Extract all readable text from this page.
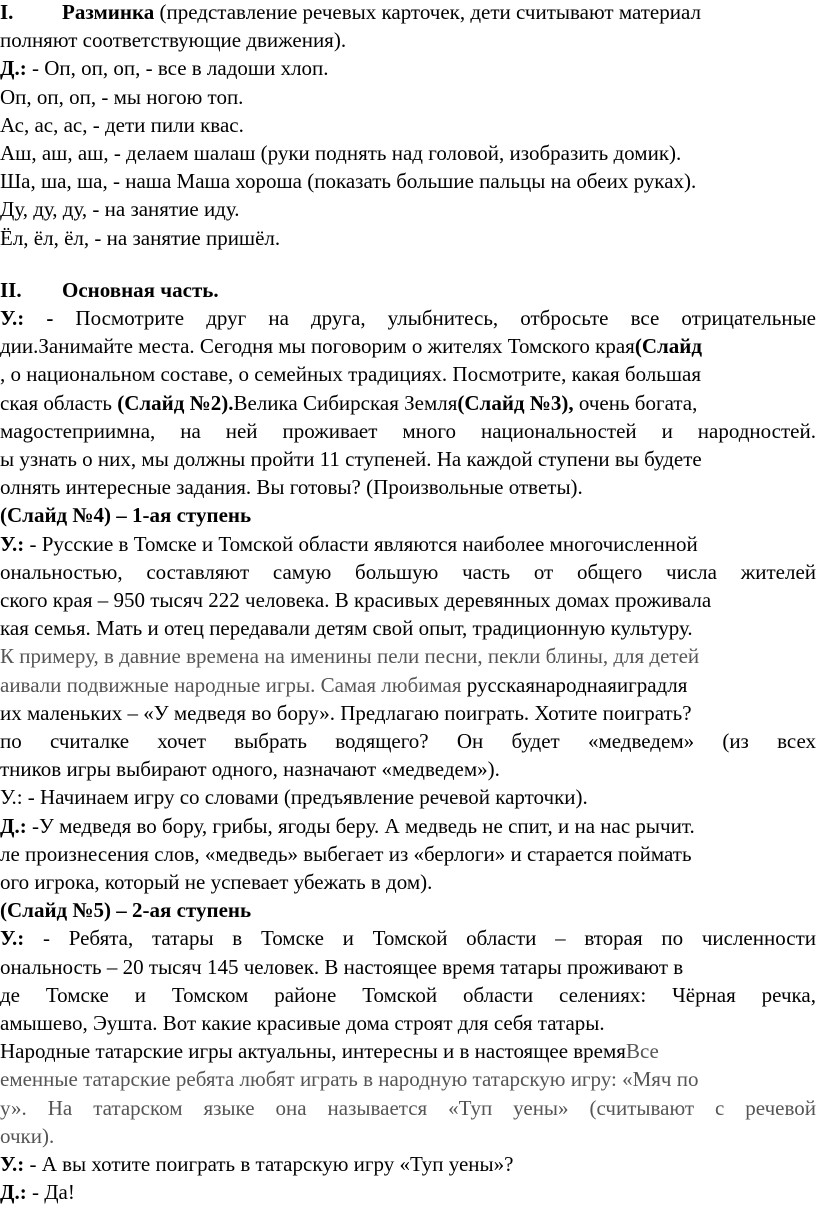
I. Разминка (представление речевых карточек, дети считывают материал
полняют соответствующие движения).
Д.: - Оп, оп, оп, - все в ладоши хлоп.
Оп, оп, оп, - мы ногою топ.
Ас, ас, ас, - дети пили квас.
Аш, аш, аш, - делаем шалаш (руки поднять над головой, изобразить домик).
Ша, ша, ша, - наша Маша хороша (показать большие пальцы на обеих руках).
Ду, ду, ду, - на занятие иду.
Ёл, ёл, ёл, - на занятие пришёл.
II. Основная часть.
У.: - Посмотрите друг на друга, улыбнитесь, отбросьте все отрицательные
дии.Занимайте места. Сегодня мы поговорим о жителях Томского края(Слайд
, о национальном составе, о семейных традициях. Посмотрите, какая большая
ская область (Слайд №2).Велика Сибирская Земля(Слайд №3), очень богата,
мagостеприимна, на ней проживает много национальностей и народностей.
ы узнать о них, мы должны пройти 11 ступеней. На каждой ступени вы будете
олнять интересные задания. Вы готовы? (Произвольные ответы).
(Слайд №4) – 1-ая ступень
У.: - Русские в Томске и Томской области являются наиболее многочисленной
ональностью, составляют самую большую часть от общего числа жителей
ского края – 950 тысяч 222 человека. В красивых деревянных домах проживала
кая семья. Мать и отец передавали детям свой опыт, традиционную культуру.
К примеру, в давние времена на именины пели песни, пекли блины, для детей
аивали подвижные народные игры. Самая любимая русскаянароднаяиградля
их маленьких – «У медведя во бору». Предлагаю поиграть. Хотите поиграть?
по считалке хочет выбрать водящего? Он будет «медведем» (из всех
тников игры выбирают одного, назначают «медведем»).
У.: - Начинаем игру со словами (предъявление речевой карточки).
Д.: -У медведя во бору, грибы, ягоды беру. А медведь не спит, и на нас рычит.
ле произнесения слов, «медведь» выбегает из «берлоги» и старается поймать
ого игрока, который не успевает убежать в дом).
(Слайд №5) – 2-ая ступень
У.: - Ребята, татары в Томске и Томской области – вторая по численности
ональность – 20 тысяч 145 человек. В настоящее время татары проживают в
де Томске и Томском районе Томской области селениях: Чёрная речка,
амышево, Эушта. Вот какие красивые дома строят для себя татары.
Народные татарские игры актуальны, интересны и в настоящее времяВсе
еменные татарские ребята любят играть в народную татарскую игру: «Мяч по
у». На татарском языке она называется «Туп уены» (считывают с речевой
очки).
У.: - А вы хотите поиграть в татарскую игру «Туп уены»?
Д.: - Да!
